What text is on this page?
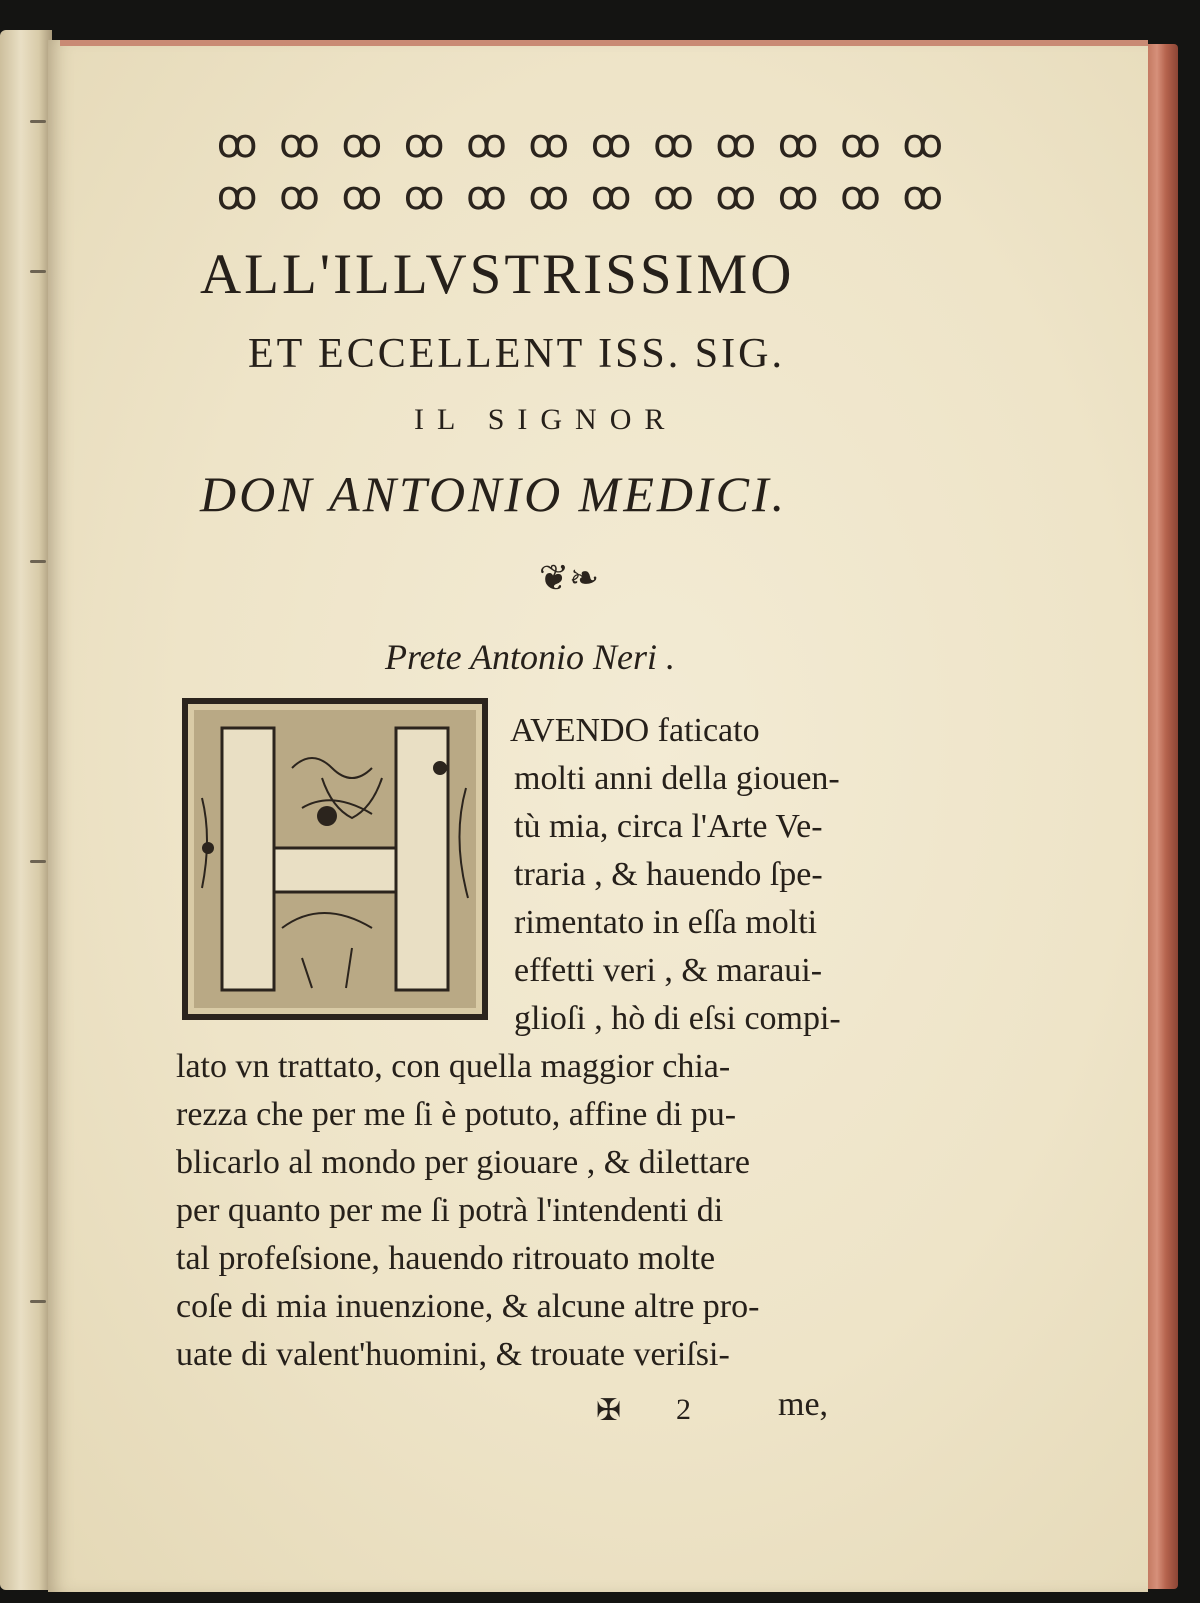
ꝏ ꝏ ꝏ ꝏ ꝏ ꝏ ꝏ ꝏ ꝏ ꝏ ꝏ ꝏ
ꝏ ꝏ ꝏ ꝏ ꝏ ꝏ ꝏ ꝏ ꝏ ꝏ ꝏ ꝏ
ALL'ILLVSTRISSIMO
ET ECCELLENT ISS. SIG.
IL SIGNOR
DON ANTONIO MEDICI.
❦❧
Prete Antonio Neri .
AVENDO faticato
molti anni della giouen-
tù mia, circa l'Arte Ve-
traria , & hauendo ſpe-
rimentato in eſſa molti
effetti veri , & maraui-
glioſi , hò di eſsi compi-
lato vn trattato, con quella maggior chia-
rezza che per me ſi è potuto, affine di pu-
blicarlo al mondo per giouare , & dilettare
per quanto per me ſi potrà l'intendenti di
tal profeſsione, hauendo ritrouato molte
coſe di mia inuenzione, & alcune altre pro-
uate di valent'huomini, & trouate veriſsi-
✠ 2	me,
